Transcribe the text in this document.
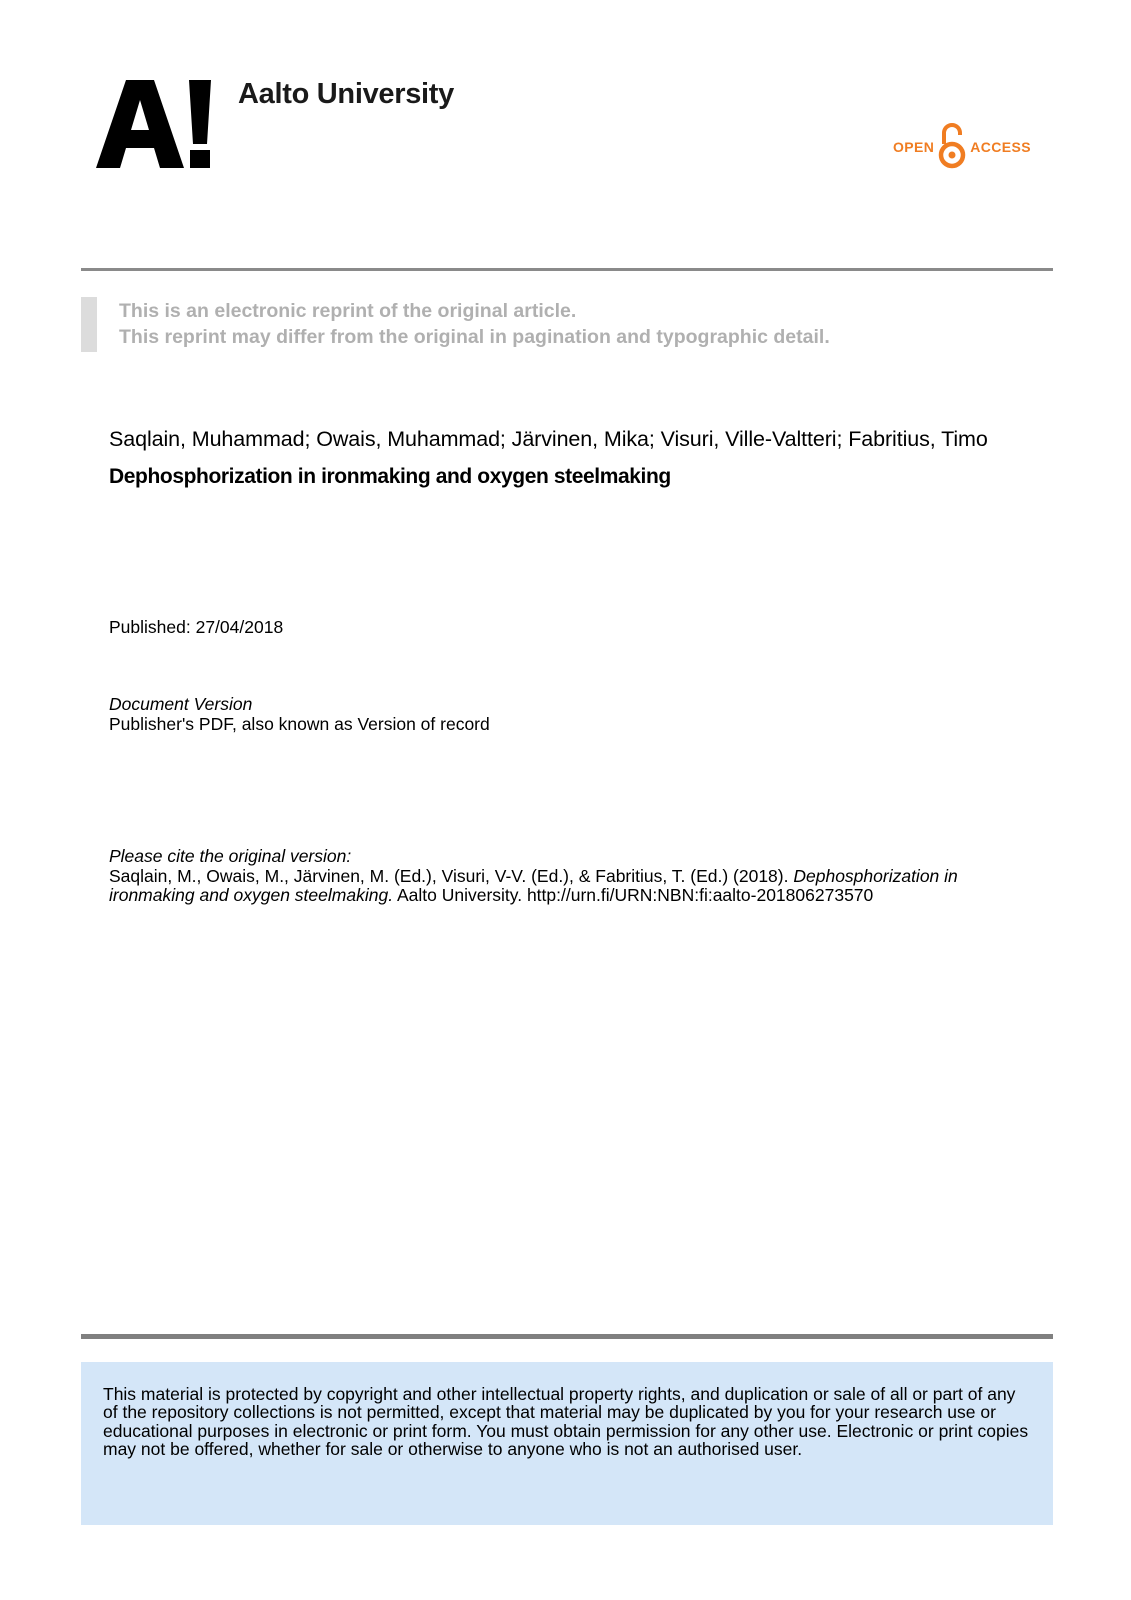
Aalto University
OPEN	ACCESS
This is an electronic reprint of the original article.
This reprint may differ from the original in pagination and typographic detail.
Saqlain, Muhammad; Owais, Muhammad; Järvinen, Mika; Visuri, Ville-Valtteri; Fabritius, Timo
Dephosphorization in ironmaking and oxygen steelmaking
Published: 27/04/2018
Document Version
Publisher's PDF, also known as Version of record
Please cite the original version:
Saqlain, M., Owais, M., Järvinen, M. (Ed.), Visuri, V-V. (Ed.), & Fabritius, T. (Ed.) (2018). Dephosphorization in
ironmaking and oxygen steelmaking. Aalto University. http://urn.fi/URN:NBN:fi:aalto-201806273570
This material is protected by copyright and other intellectual property rights, and duplication or sale of all or part of any of the repository collections is not permitted, except that material may be duplicated by you for your research use or educational purposes in electronic or print form. You must obtain permission for any other use. Electronic or print copies may not be offered, whether for sale or otherwise to anyone who is not an authorised user.
